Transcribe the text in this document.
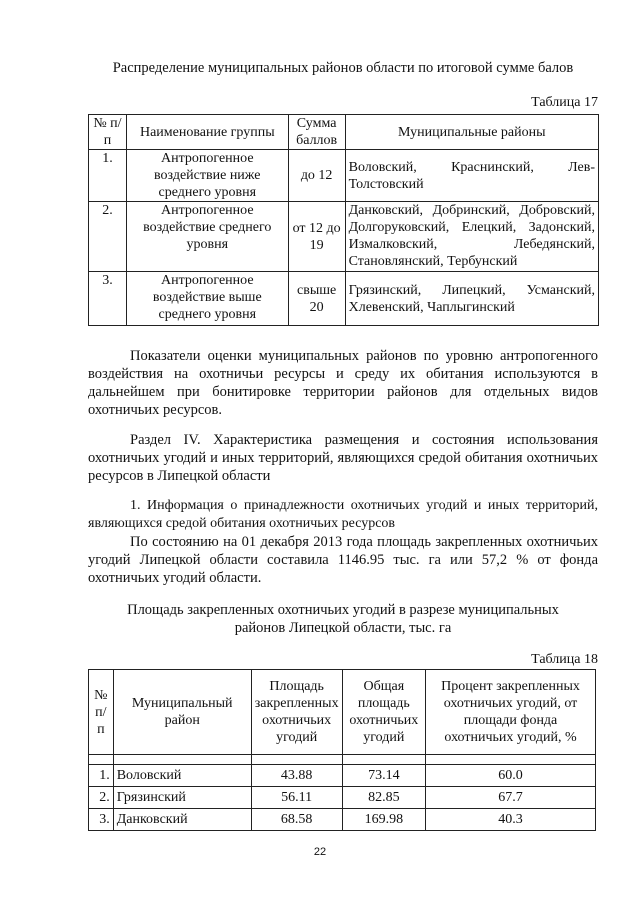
Распределение муниципальных районов области по итоговой сумме балов
Таблица 17
№ п/п	Наименование группы	Сумма баллов	Муниципальные районы
1.	Антропогенное воздействие ниже среднего уровня	до 12	Воловский, Краснинский, Лев-Толстовский
2.	Антропогенное воздействие среднего уровня	от 12 до 19	Данковский, Добринский, Добровский, Долгоруковский, Елецкий, Задонский, Измалковский, Лебедянский, Становлянский, Тербунский
3.	Антропогенное воздействие выше среднего уровня	свыше 20	Грязинский, Липецкий, Усманский, Хлевенский, Чаплыгинский
Показатели оценки муниципальных районов по уровню антропогенного воздействия на охотничьи ресурсы и среду их обитания используются в дальнейшем при бонитировке территории районов для отдельных видов охотничьих ресурсов.
Раздел IV. Характеристика размещения и состояния использования охотничьих угодий и иных территорий, являющихся средой обитания охотничьих ресурсов в Липецкой области
1. Информация о принадлежности охотничьих угодий и иных территорий, являющихся средой обитания охотничьих ресурсов
По состоянию на 01 декабря 2013 года площадь закрепленных охотничьих угодий Липецкой области составила 1146.95 тыс. га или 57,2 % от фонда охотничьих угодий области.
Площадь закрепленных охотничьих угодий в разрезе муниципальных
районов Липецкой области, тыс. га
Таблица 18
№ п/п	Муниципальный район	Площадь закрепленных охотничьих угодий	Общая площадь охотничьих угодий	Процент закрепленных охотничьих угодий, от площади фонда охотничьих угодий, %

1.	Воловский	43.88	73.14	60.0
2.	Грязинский	56.11	82.85	67.7
3.	Данковский	68.58	169.98	40.3
22
